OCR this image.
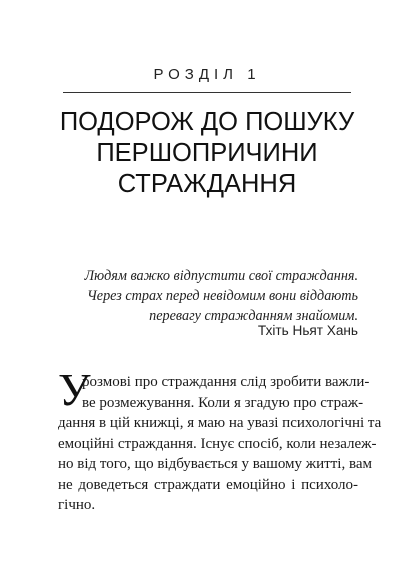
РОЗДІЛ 1
ПОДОРОЖ ДО ПОШУКУ
ПЕРШОПРИЧИНИ
СТРАЖДАННЯ
Людям важко відпустити свої страждання.
Через страх перед невідомим вони віддають
перевагу стражданням знайомим.
Тхіть Ньят Хань
У
розмові про страждання слід зробити важли-
ве розмежування. Коли я згадую про страж-
дання в цій книжці, я маю на увазі психологічні та
емоційні страждання. Існує спосіб, коли незалеж-
но від того, що відбувається у вашому житті, вам
не доведеться страждати емоційно і психоло-
гічно.
